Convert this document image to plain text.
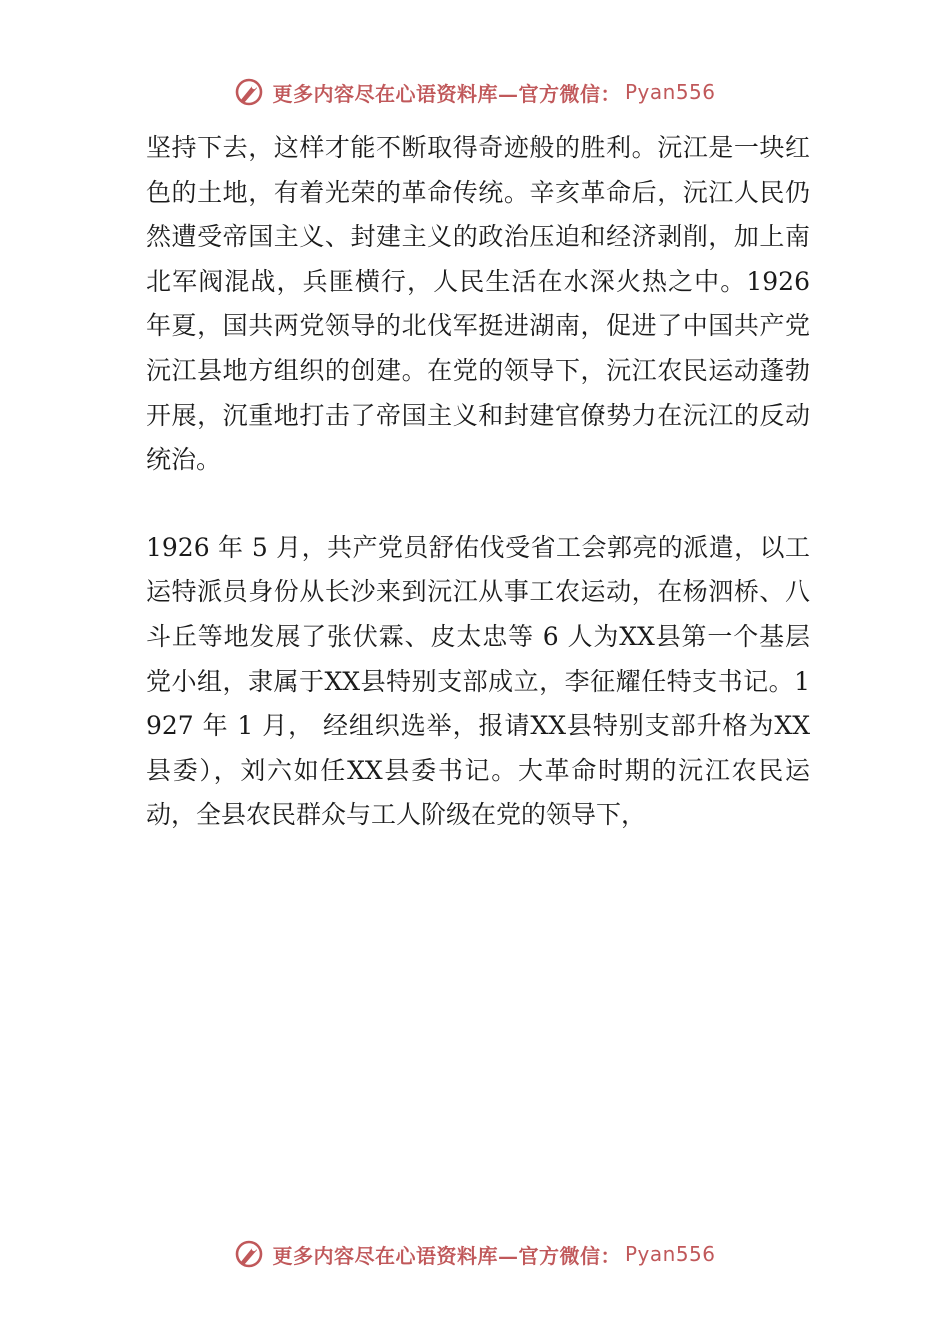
更多内容尽在心语资料库—官方微信： Pyan556

坚持下去，这样才能不断取得奇迹般的胜利。沅江是一块红色的土地，有着光荣的革命传统。辛亥革命后，沅江人民仍然遭受帝国主义、封建主义的政治压迫和经济剥削，加上南北军阀混战，兵匪横行，人民生活在水深火热之中。1926 年夏，国共两党领导的北伐军挺进湖南，促进了中国共产党沅江县地方组织的创建。在党的领导下，沅江农民运动蓬勃开展，沉重地打击了帝国主义和封建官僚势力在沅江的反动统治。

1926 年 5 月，共产党员舒佑伐受省工会郭亮的派遣，以工运特派员身份从长沙来到沅江从事工农运动，在杨泗桥、八斗丘等地发展了张伏霖、皮太忠等 6 人为XX县第一个基层党小组，隶属于XX县特别支部成立，李征耀任特支书记。1927 年 1 月， 经组织选举，报请XX县特别支部升格为XX县委），刘六如任XX县委书记。大革命时期的沅江农民运动，全县农民群众与工人阶级在党的领导下，

更多内容尽在心语资料库—官方微信： Pyan556
